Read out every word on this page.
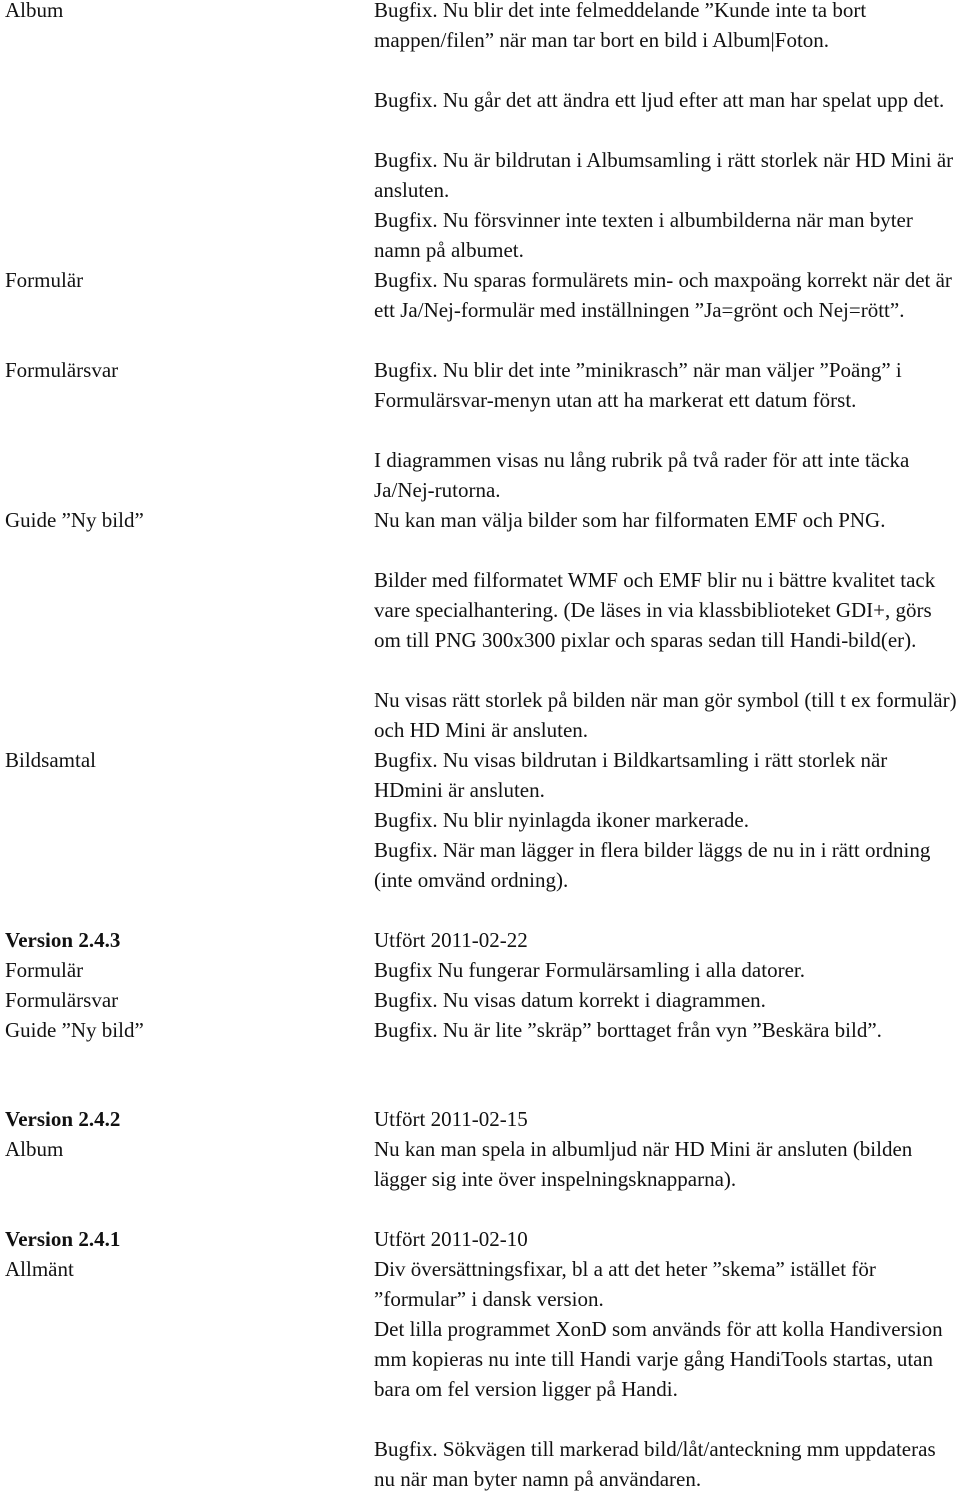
Album	Bugfix. Nu blir det inte felmeddelande ”Kunde inte ta bort mappen/filen” när man tar bort en bild i Album|Foton.
Bugfix. Nu går det att ändra ett ljud efter att man har spelat upp det.
Bugfix. Nu är bildrutan i Albumsamling i rätt storlek när HD Mini är ansluten.
Bugfix. Nu försvinner inte texten i albumbilderna när man byter namn på albumet.
Formulär	Bugfix. Nu sparas formulärets min- och maxpoäng korrekt när det är ett Ja/Nej-formulär med inställningen ”Ja=grönt och Nej=rött”.
Formulärsvar	Bugfix. Nu blir det inte ”minikrasch” när man väljer ”Poäng” i Formulärsvar-menyn utan att ha markerat ett datum först.
I diagrammen visas nu lång rubrik på två rader för att inte täcka Ja/Nej-rutorna.
Guide ”Ny bild”	Nu kan man välja bilder som har filformaten EMF och PNG.
Bilder med filformatet WMF och EMF blir nu i bättre kvalitet tack vare specialhantering. (De läses in via klassbiblioteket GDI+, görs om till PNG 300x300 pixlar och sparas sedan till Handi-bild(er).
Nu visas rätt storlek på bilden när man gör symbol (till t ex formulär) och HD Mini är ansluten.
Bildsamtal	Bugfix. Nu visas bildrutan i Bildkartsamling i rätt storlek när HDmini är ansluten.
Bugfix. Nu blir nyinlagda ikoner markerade.
Bugfix. När man lägger in flera bilder läggs de nu in i rätt ordning (inte omvänd ordning).
Version 2.4.3	Utfört 2011-02-22
Formulär	Bugfix Nu fungerar Formulärsamling i alla datorer.
Formulärsvar	Bugfix. Nu visas datum korrekt i diagrammen.
Guide ”Ny bild”	Bugfix. Nu är lite ”skräp” borttaget från vyn ”Beskära bild”.
Version 2.4.2	Utfört 2011-02-15
Album	Nu kan man spela in albumljud när HD Mini är ansluten (bilden lägger sig inte över inspelningsknapparna).
Version 2.4.1	Utfört 2011-02-10
Allmänt	Div översättningsfixar, bl a att det heter ”skema” istället för ”formular” i dansk version.
Det lilla programmet XonD som används för att kolla Handiversion mm kopieras nu inte till Handi varje gång HandiTools startas, utan bara om fel version ligger på Handi.
Bugfix. Sökvägen till markerad bild/låt/anteckning mm uppdateras nu när man byter namn på användaren.
